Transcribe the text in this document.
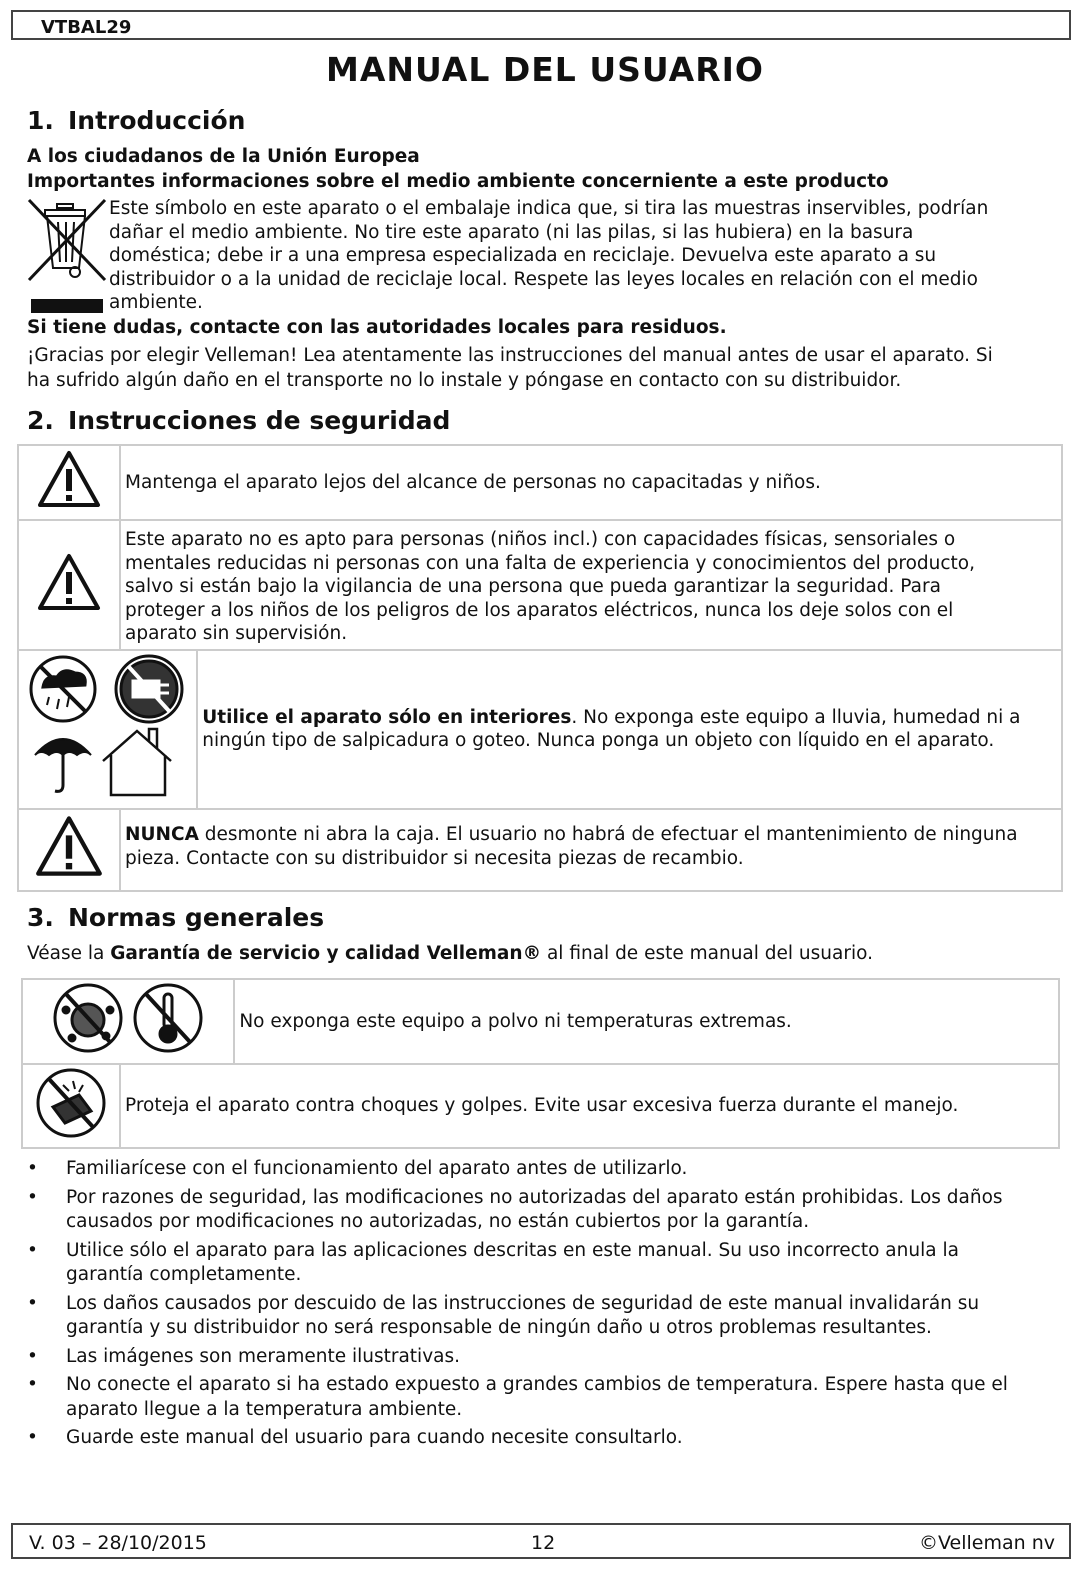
VTBAL29
MANUAL DEL USUARIO
1. Introducción
A los ciudadanos de la Unión Europea
Importantes informaciones sobre el medio ambiente concerniente a este producto
Este símbolo en este aparato o el embalaje indica que, si tira las muestras inservibles, podrían
dañar el medio ambiente. No tire este aparato (ni las pilas, si las hubiera) en la basura
doméstica; debe ir a una empresa especializada en reciclaje. Devuelva este aparato a su
distribuidor o a la unidad de reciclaje local. Respete las leyes locales en relación con el medio
ambiente.
Si tiene dudas, contacte con las autoridades locales para residuos.
¡Gracias por elegir Velleman! Lea atentamente las instrucciones del manual antes de usar el aparato. Si
ha sufrido algún daño en el transporte no lo instale y póngase en contacto con su distribuidor.
2. Instrucciones de seguridad
	Mantenga el aparato lejos del alcance de personas no capacitadas y niños.	

Este aparato no es apto para personas (niños incl.) con capacidades físicas, sensoriales o
mentales reducidas ni personas con una falta de experiencia y conocimientos del producto,
salvo si están bajo la vigilancia de una persona que pueda garantizar la seguridad. Para
proteger a los niños de los peligros de los aparatos eléctricos, nunca los deje solos con el
aparato sin supervisión.	

Utilice el aparato sólo en interiores. No exponga este equipo a lluvia, humedad ni a
ningún tipo de salpicadura o goteo. Nunca ponga un objeto con líquido en el aparato.

NUNCA desmonte ni abra la caja. El usuario no habrá de efectuar el mantenimiento de ninguna
pieza. Contacte con su distribuidor si necesita piezas de recambio.	
3. Normas generales
Véase la Garantía de servicio y calidad Velleman® al final de este manual del usuario.
	No exponga este equipo a polvo ni temperaturas extremas.
	Proteja el aparato contra choques y golpes. Evite usar excesiva fuerza durante el manejo.	
• Familiarícese con el funcionamiento del aparato antes de utilizarlo.
• Por razones de seguridad, las modificaciones no autorizadas del aparato están prohibidas. Los daños
causados por modificaciones no autorizadas, no están cubiertos por la garantía.
• Utilice sólo el aparato para las aplicaciones descritas en este manual. Su uso incorrecto anula la
garantía completamente.
• Los daños causados por descuido de las instrucciones de seguridad de este manual invalidarán su
garantía y su distribuidor no será responsable de ningún daño u otros problemas resultantes.
• Las imágenes son meramente ilustrativas.
• No conecte el aparato si ha estado expuesto a grandes cambios de temperatura. Espere hasta que el
aparato llegue a la temperatura ambiente.
• Guarde este manual del usuario para cuando necesite consultarlo.
V. 03 – 28/10/2015	12	©Velleman nv
